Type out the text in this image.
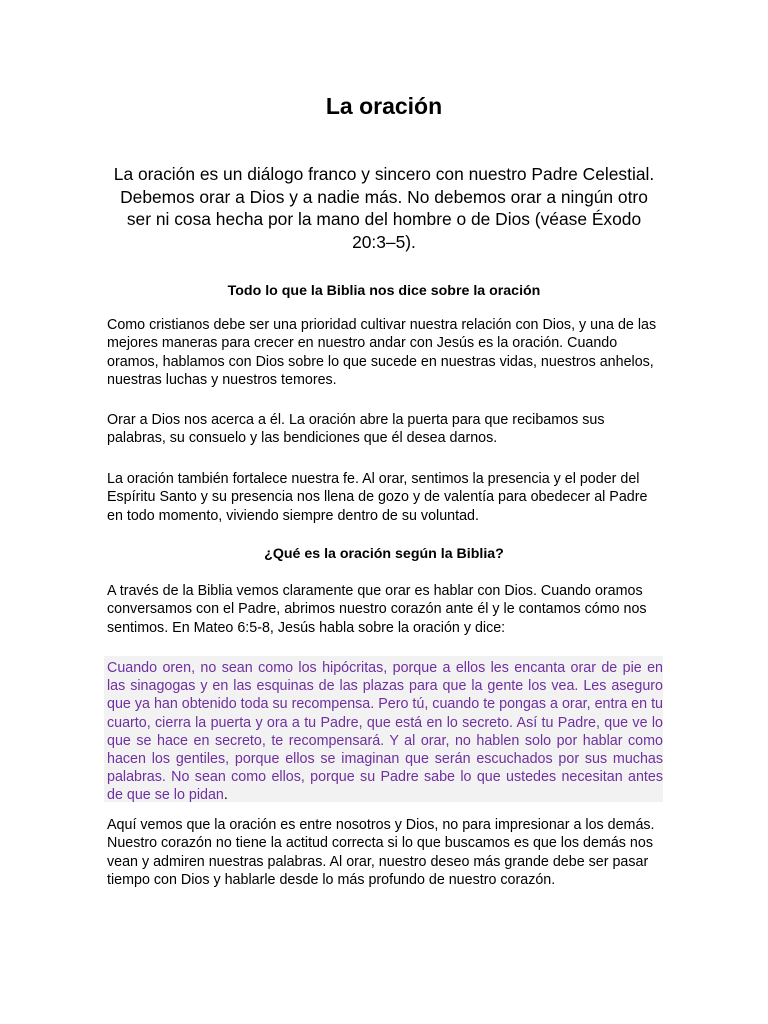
La oración

La oración es un diálogo franco y sincero con nuestro Padre Celestial. Debemos orar a Dios y a nadie más. No debemos orar a ningún otro ser ni cosa hecha por la mano del hombre o de Dios (véase Éxodo 20:3–5).

Todo lo que la Biblia nos dice sobre la oración

Como cristianos debe ser una prioridad cultivar nuestra relación con Dios, y una de las mejores maneras para crecer en nuestro andar con Jesús es la oración. Cuando oramos, hablamos con Dios sobre lo que sucede en nuestras vidas, nuestros anhelos, nuestras luchas y nuestros temores.

Orar a Dios nos acerca a él. La oración abre la puerta para que recibamos sus palabras, su consuelo y las bendiciones que él desea darnos.

La oración también fortalece nuestra fe. Al orar, sentimos la presencia y el poder del Espíritu Santo y su presencia nos llena de gozo y de valentía para obedecer al Padre en todo momento, viviendo siempre dentro de su voluntad.

¿Qué es la oración según la Biblia?

A través de la Biblia vemos claramente que orar es hablar con Dios. Cuando oramos conversamos con el Padre, abrimos nuestro corazón ante él y le contamos cómo nos sentimos. En Mateo 6:5-8, Jesús habla sobre la oración y dice:

Cuando oren, no sean como los hipócritas, porque a ellos les encanta orar de pie en las sinagogas y en las esquinas de las plazas para que la gente los vea. Les aseguro que ya han obtenido toda su recompensa. Pero tú, cuando te pongas a orar, entra en tu cuarto, cierra la puerta y ora a tu Padre, que está en lo secreto. Así tu Padre, que ve lo que se hace en secreto, te recompensará. Y al orar, no hablen solo por hablar como hacen los gentiles, porque ellos se imaginan que serán escuchados por sus muchas palabras. No sean como ellos, porque su Padre sabe lo que ustedes necesitan antes de que se lo pidan.

Aquí vemos que la oración es entre nosotros y Dios, no para impresionar a los demás. Nuestro corazón no tiene la actitud correcta si lo que buscamos es que los demás nos vean y admiren nuestras palabras. Al orar, nuestro deseo más grande debe ser pasar tiempo con Dios y hablarle desde lo más profundo de nuestro corazón.
